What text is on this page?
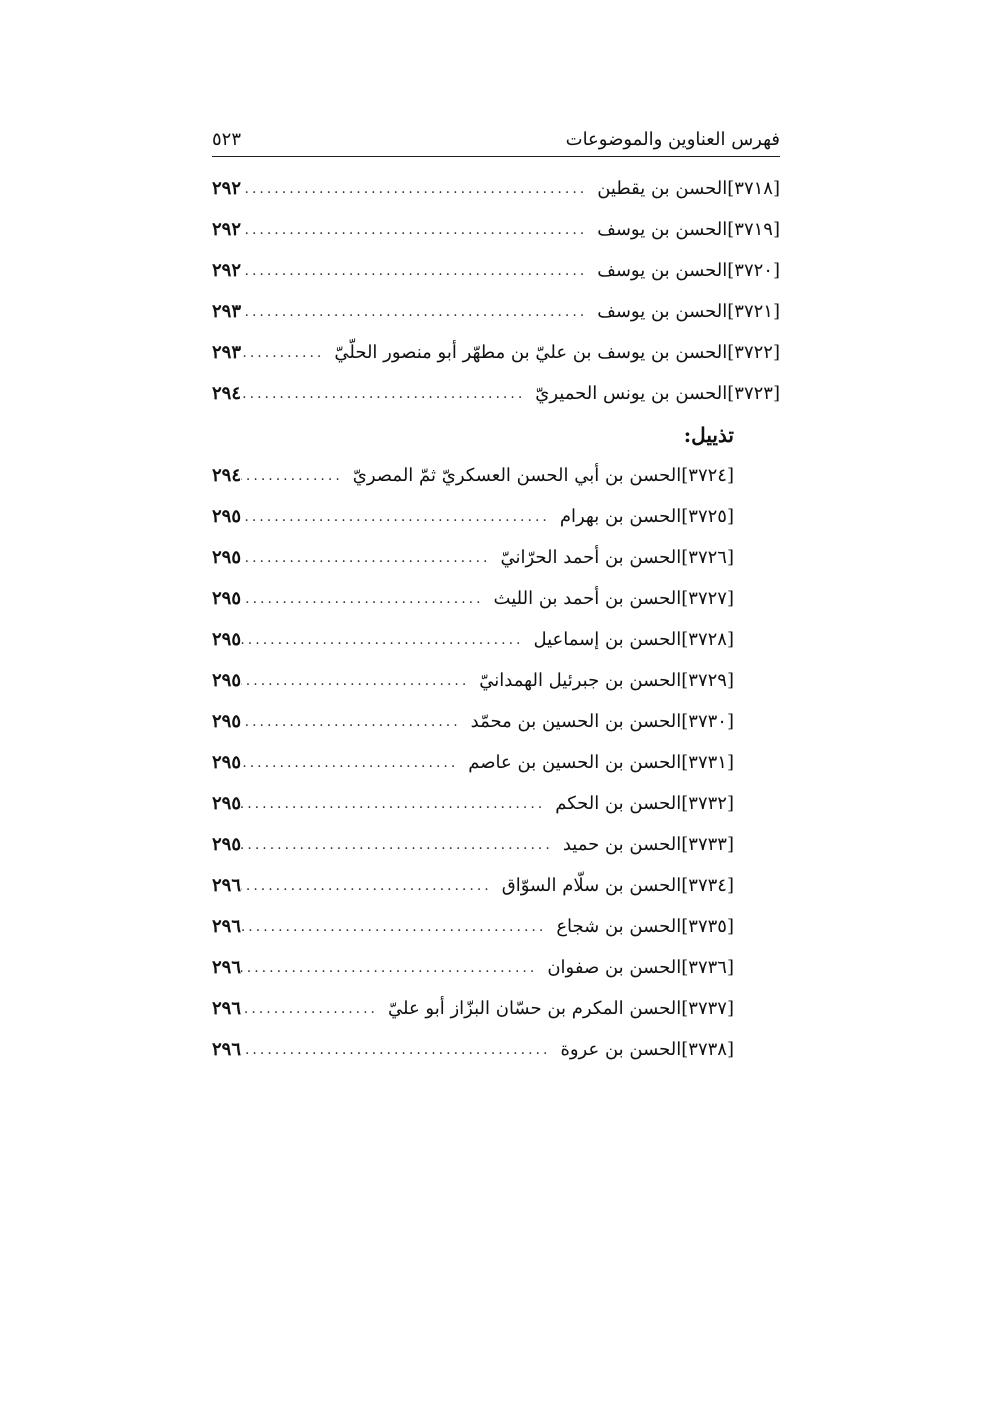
٥٢٣	فهرس العناوين والموضوعات
[٣٧١٨]
الحسن بن يقطين
.....
٢٩٢
[٣٧١٩]
الحسن بن يوسف
.....
٢٩٢
[٣٧٢٠]
الحسن بن يوسف
.....
٢٩٢
[٣٧٢١]
الحسن بن يوسف
.....
٢٩٣
[٣٧٢٢]
الحسن بن يوسف بن عليّ بن مطهّر أبو منصور الحلّيّ
.....
٢٩٣
[٣٧٢٣]
الحسن بن يونس الحميريّ
.....
٢٩٤
تذييل:
[٣٧٢٤]
الحسن بن أبي الحسن العسكريّ ثمّ المصريّ
.....
٢٩٤
[٣٧٢٥]
الحسن بن بهرام
.....
٢٩٥
[٣٧٢٦]
الحسن بن أحمد الحرّانيّ
.....
٢٩٥
[٣٧٢٧]
الحسن بن أحمد بن الليث
.....
٢٩٥
[٣٧٢٨]
الحسن بن إسماعيل
.....
٢٩٥
[٣٧٢٩]
الحسن بن جبرئيل الهمدانيّ
.....
٢٩٥
[٣٧٣٠]
الحسن بن الحسين بن محمّد
.....
٢٩٥
[٣٧٣١]
الحسن بن الحسين بن عاصم
.....
٢٩٥
[٣٧٣٢]
الحسن بن الحكم
.....
٢٩٥
[٣٧٣٣]
الحسن بن حميد
.....
٢٩٥
[٣٧٣٤]
الحسن بن سلّام السوّاق
.....
٢٩٦
[٣٧٣٥]
الحسن بن شجاع
.....
٢٩٦
[٣٧٣٦]
الحسن بن صفوان
.....
٢٩٦
[٣٧٣٧]
الحسن المكرم بن حسّان البزّاز أبو عليّ
.....
٢٩٦
[٣٧٣٨]
الحسن بن عروة
.....
٢٩٦
